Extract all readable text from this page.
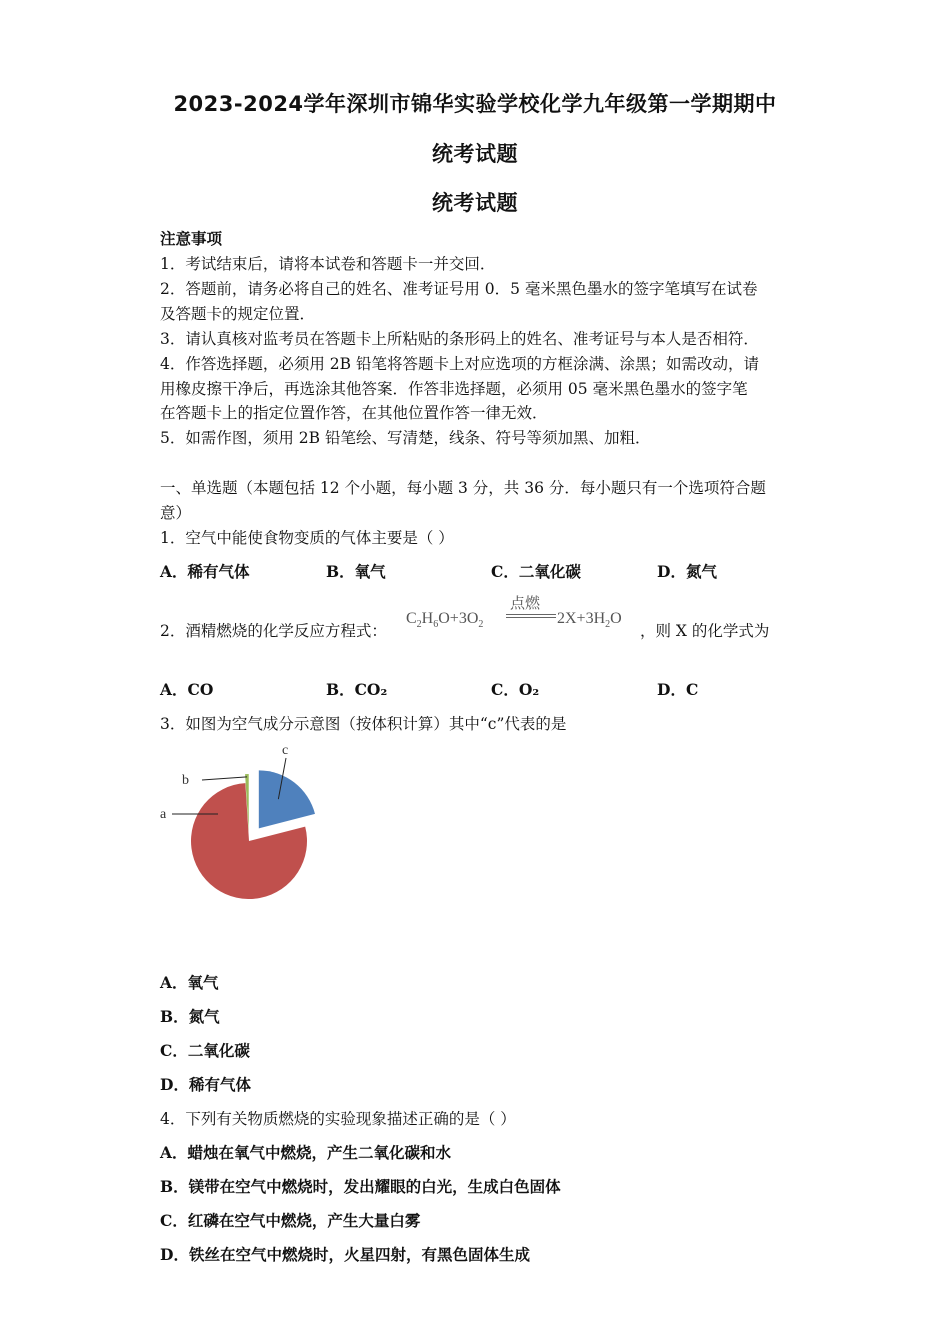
2023-2024学年深圳市锦华实验学校化学九年级第一学期期中
统考试题
统考试题
注意事项
1．考试结束后，请将本试卷和答题卡一并交回．
2．答题前，请务必将自己的姓名、准考证号用 0．5 毫米黑色墨水的签字笔填写在试卷
及答题卡的规定位置．
3．请认真核对监考员在答题卡上所粘贴的条形码上的姓名、准考证号与本人是否相符．
4．作答选择题，必须用 2B 铅笔将答题卡上对应选项的方框涂满、涂黑；如需改动，请
用橡皮擦干净后，再选涂其他答案．作答非选择题，必须用 05 毫米黑色墨水的签字笔
在答题卡上的指定位置作答，在其他位置作答一律无效．
5．如需作图，须用 2B 铅笔绘、写清楚，线条、符号等须加黑、加粗．
一、单选题（本题包括 12 个小题，每小题 3 分，共 36 分．每小题只有一个选项符合题
意）
1．空气中能使食物变质的气体主要是（ ）
A．稀有气体	B．氧气	C．二氧化碳	D．氮气
2．酒精燃烧的化学反应方程式：
$C_2H_6O+3O_2$
点燃
$2X+3H_2O$
，则 X 的化学式为
A．CO	B．CO₂	C．O₂	D．C
3．如图为空气成分示意图（按体积计算）其中“c”代表的是
c
b
a
A．氧气
B．氮气
C．二氧化碳
D．稀有气体
4．下列有关物质燃烧的实验现象描述正确的是（ ）
A．蜡烛在氧气中燃烧，产生二氧化碳和水
B．镁带在空气中燃烧时，发出耀眼的白光，生成白色固体
C．红磷在空气中燃烧，产生大量白雾
D．铁丝在空气中燃烧时，火星四射，有黑色固体生成
